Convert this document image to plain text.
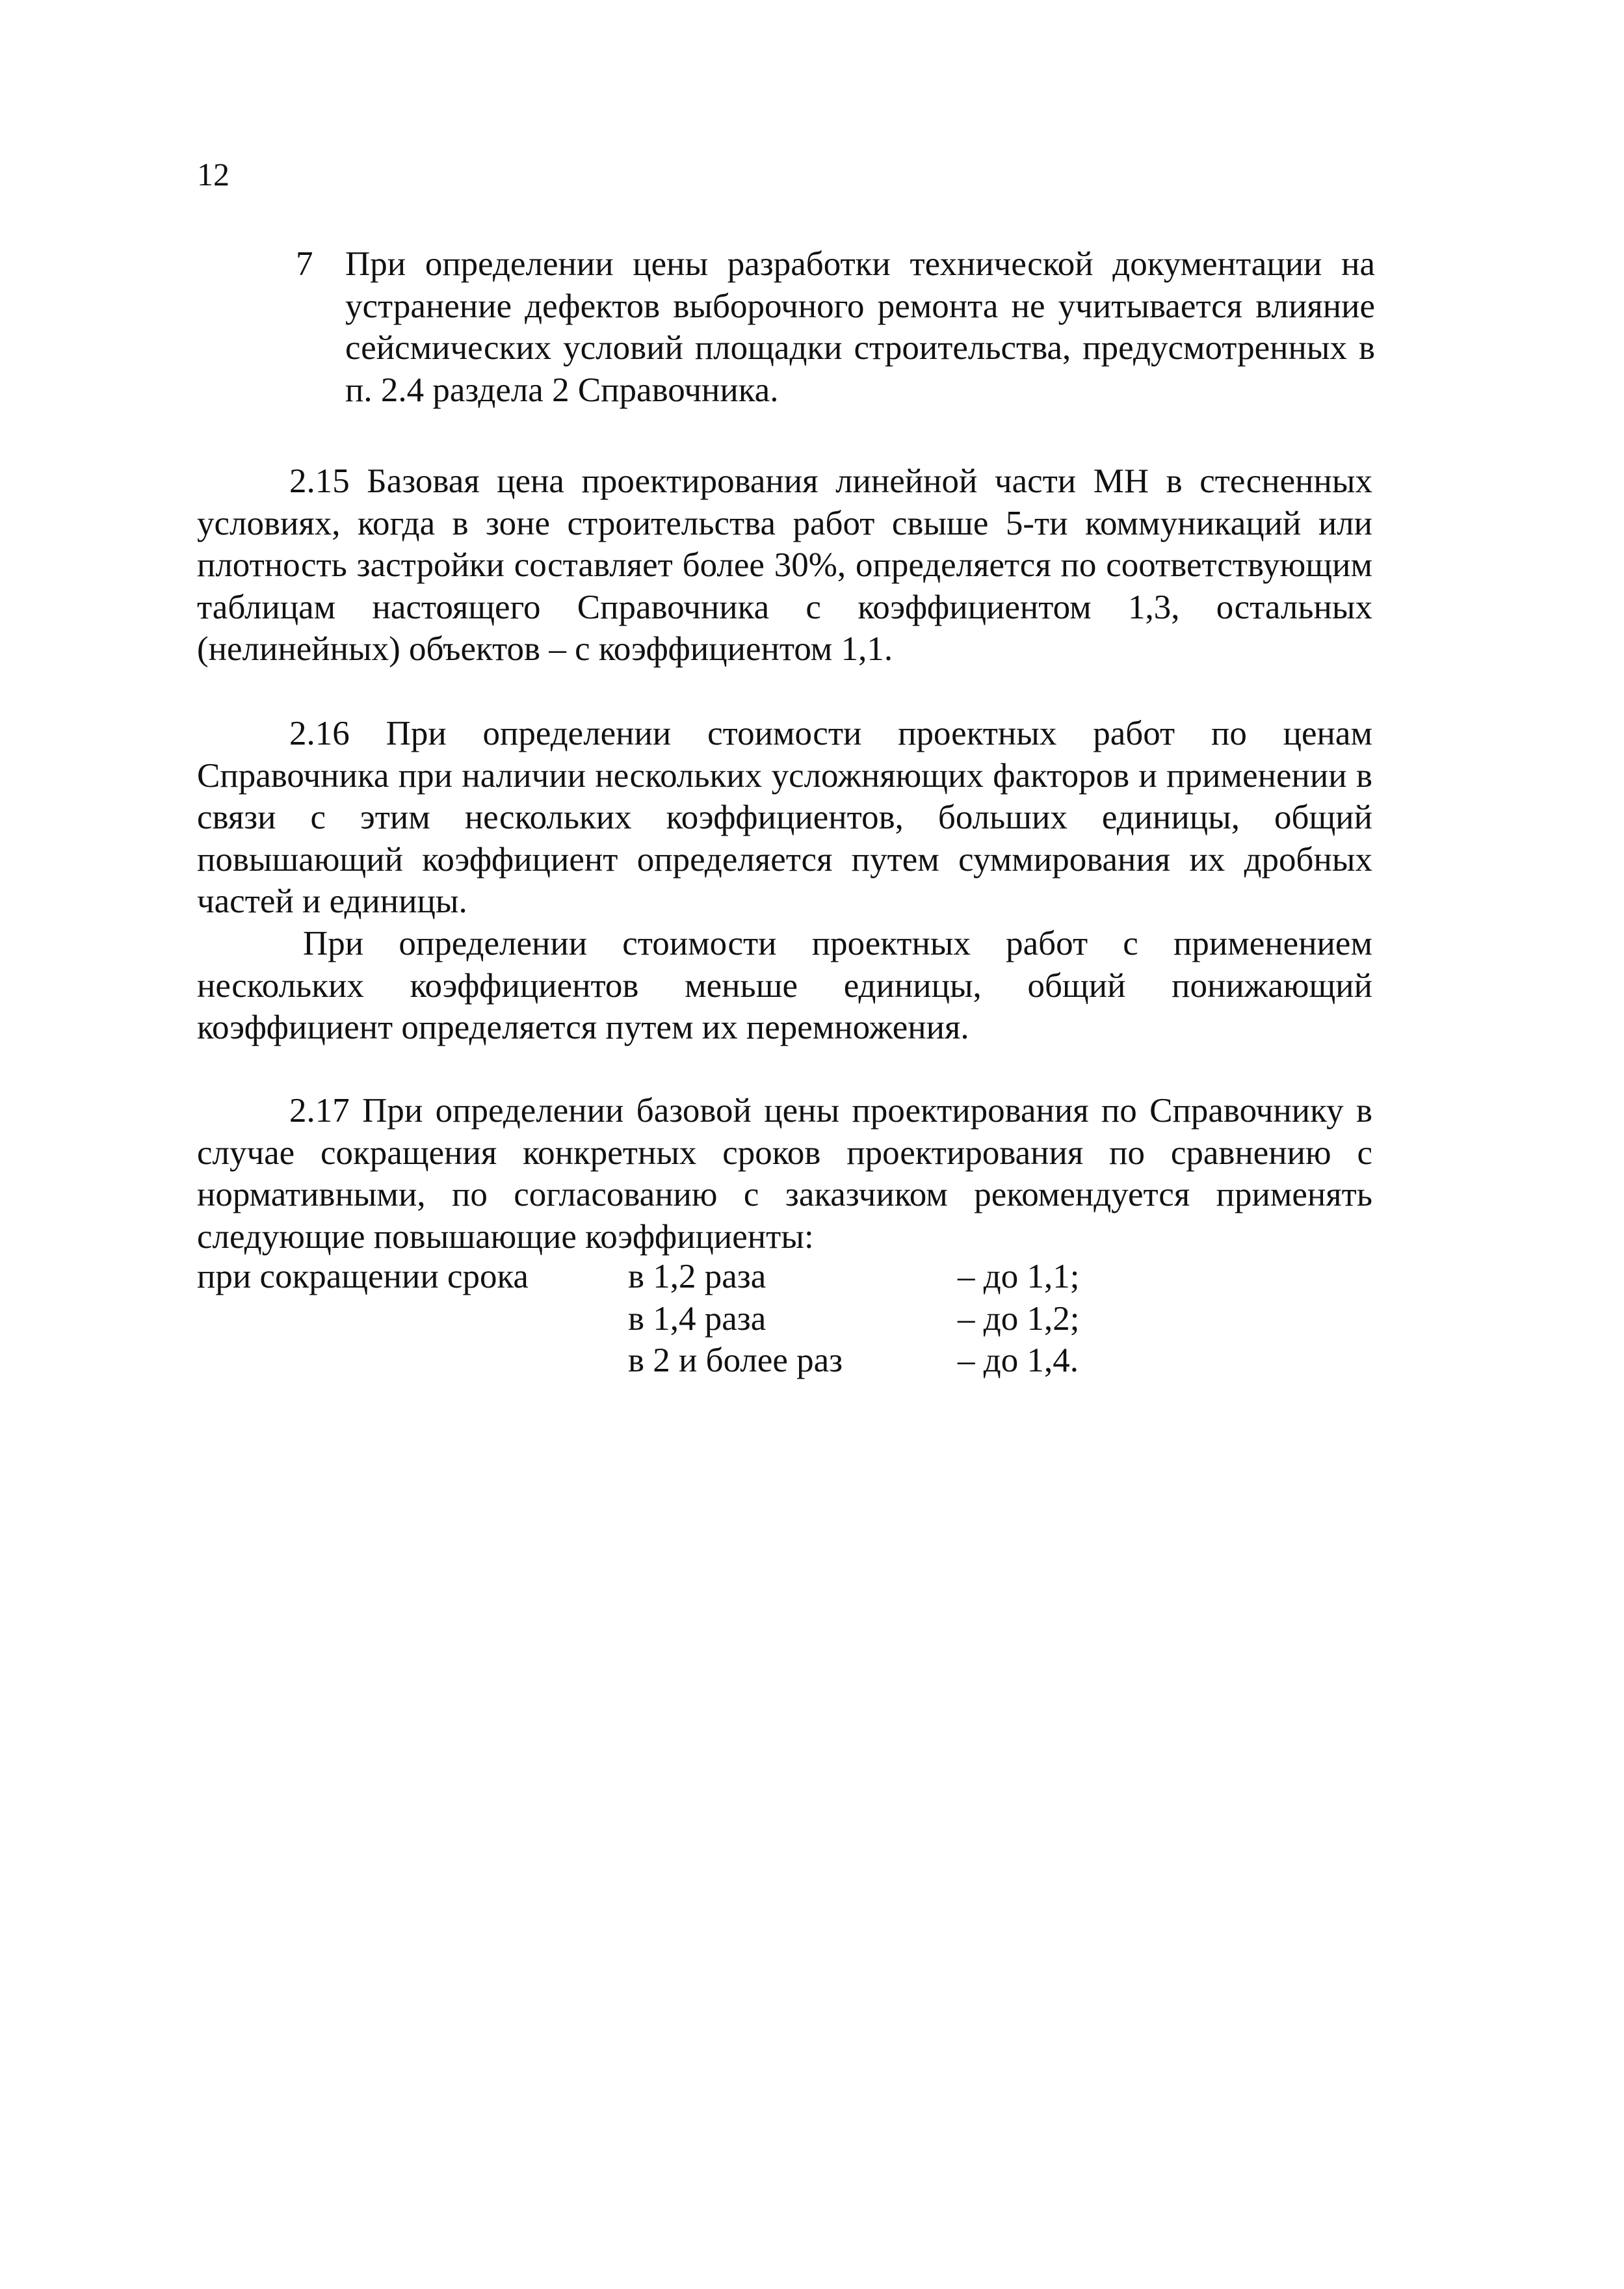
12
7 При определении цены разработки технической документации на устранение дефектов выборочного ремонта не учитывается влияние сейсмических условий площадки строительства, предусмотренных в п. 2.4 раздела 2 Справочника.

2.15 Базовая цена проектирования линейной части МН в стесненных условиях, когда в зоне строительства работ свыше 5-ти коммуникаций или плотность застройки составляет более 30%, определяется по соответствующим таблицам настоящего Справочника с коэффициентом 1,3, остальных (нелинейных) объектов – с коэффициентом 1,1.

2.16 При определении стоимости проектных работ по ценам Справочника при наличии нескольких усложняющих факторов и применении в связи с этим нескольких коэффициентов, больших единицы, общий повышающий коэффициент определяется путем суммирования их дробных частей и единицы.

При определении стоимости проектных работ с применением нескольких коэффициентов меньше единицы, общий понижающий коэффициент определяется путем их перемножения.

2.17 При определении базовой цены проектирования по Справочнику в случае сокращения конкретных сроков проектирования по сравнению с нормативными, по согласованию с заказчиком рекомендуется применять следующие повышающие коэффициенты:

при сокращении срока	в 1,2 раза	– до 1,1;
	в 1,4 раза	– до 1,2;
	в 2 и более раз	– до 1,4.
